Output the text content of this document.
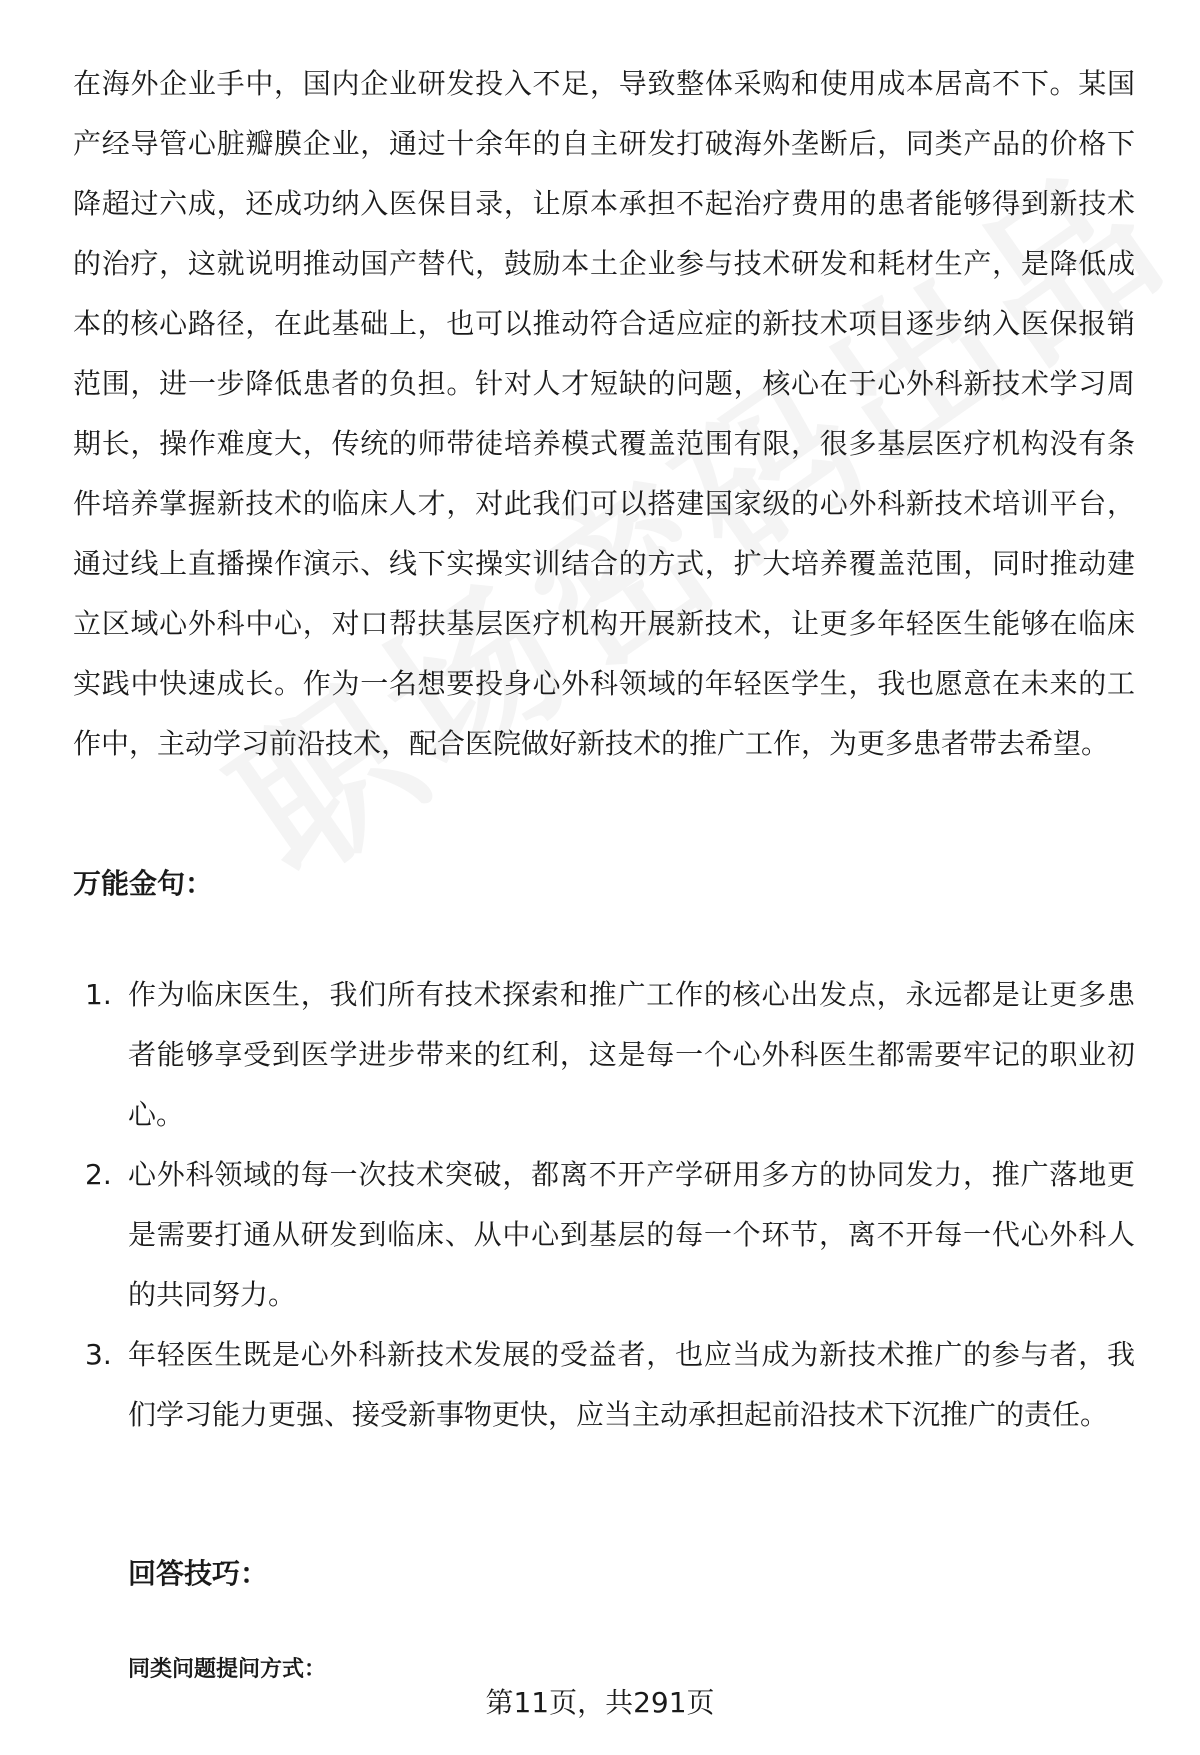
在海外企业手中，国内企业研发投入不足，导致整体采购和使用成本居高不下。某国产经导管心脏瓣膜企业，通过十余年的自主研发打破海外垄断后，同类产品的价格下降超过六成，还成功纳入医保目录，让原本承担不起治疗费用的患者能够得到新技术的治疗，这就说明推动国产替代，鼓励本土企业参与技术研发和耗材生产，是降低成本的核心路径，在此基础上，也可以推动符合适应症的新技术项目逐步纳入医保报销范围，进一步降低患者的负担。针对人才短缺的问题，核心在于心外科新技术学习周期长，操作难度大，传统的师带徒培养模式覆盖范围有限，很多基层医疗机构没有条件培养掌握新技术的临床人才，对此我们可以搭建国家级的心外科新技术培训平台，通过线上直播操作演示、线下实操实训结合的方式，扩大培养覆盖范围，同时推动建立区域心外科中心，对口帮扶基层医疗机构开展新技术，让更多年轻医生能够在临床实践中快速成长。作为一名想要投身心外科领域的年轻医学生，我也愿意在未来的工作中，主动学习前沿技术，配合医院做好新技术的推广工作，为更多患者带去希望。

万能金句：
1. 作为临床医生，我们所有技术探索和推广工作的核心出发点，永远都是让更多患者能够享受到医学进步带来的红利，这是每一个心外科医生都需要牢记的职业初心。
2. 心外科领域的每一次技术突破，都离不开产学研用多方的协同发力，推广落地更是需要打通从研发到临床、从中心到基层的每一个环节，离不开每一代心外科人的共同努力。
3. 年轻医生既是心外科新技术发展的受益者，也应当成为新技术推广的参与者，我们学习能力更强、接受新事物更快，应当主动承担起前沿技术下沉推广的责任。
回答技巧：
同类问题提问方式：
第11页，共291页
